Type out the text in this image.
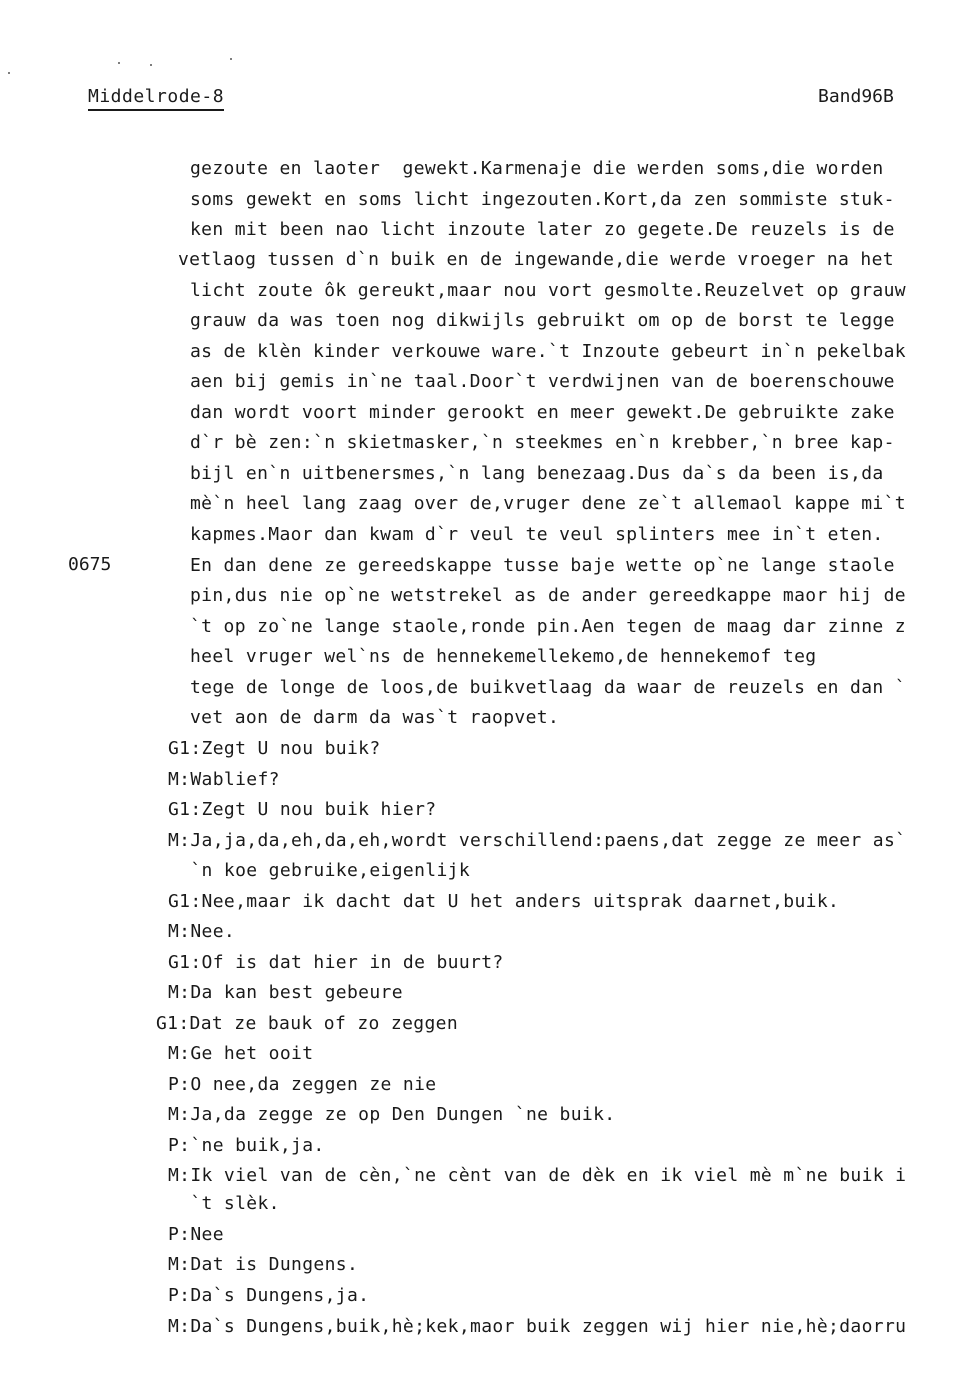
Middelrode-8	Band96B
0675
gezoute en laoter  gewekt.Karmenaje die werden soms,die worden
soms gewekt en soms licht ingezouten.Kort,da zen sommiste stuk-
ken mit been nao licht inzoute later zo gegete.De reuzels is de
vetlaog tussen d`n buik en de ingewande,die werde vroeger na het
licht zoute ôk gereukt,maar nou vort gesmolte.Reuzelvet op grauw
grauw da was toen nog dikwijls gebruikt om op de borst te legge
as de klèn kinder verkouwe ware.`t Inzoute gebeurt in`n pekelbak
aen bij gemis in`ne taal.Door`t verdwijnen van de boerenschouwe
dan wordt voort minder gerookt en meer gewekt.De gebruikte zake
d`r bè zen:`n skietmasker,`n steekmes en`n krebber,`n bree kap-
bijl en`n uitbenersmes,`n lang benezaag.Dus da`s da been is,da
mè`n heel lang zaag over de,vruger dene ze`t allemaol kappe mi`t
kapmes.Maor dan kwam d`r veul te veul splinters mee in`t eten.
En dan dene ze gereedskappe tusse baje wette op`ne lange staole
pin,dus nie op`ne wetstrekel as de ander gereedkappe maor hij de
`t op zo`ne lange staole,ronde pin.Aen tegen de maag dar zinne z
heel vruger wel`ns de hennekemellekemo,de hennekemof teg
tege de longe de loos,de buikvetlaag da waar de reuzels en dan `
vet aon de darm da was`t raopvet.
G1:Zegt U nou buik?
M:Wablief?
G1:Zegt U nou buik hier?
M:Ja,ja,da,eh,da,eh,wordt verschillend:paens,dat zegge ze meer as`
`n koe gebruike,eigenlijk
G1:Nee,maar ik dacht dat U het anders uitsprak daarnet,buik.
M:Nee.
G1:Of is dat hier in de buurt?
M:Da kan best gebeure
G1:Dat ze bauk of zo zeggen
M:Ge het ooit
P:O nee,da zeggen ze nie
M:Ja,da zegge ze op Den Dungen `ne buik.
P:`ne buik,ja.
M:Ik viel van de cèn,`ne cènt van de dèk en ik viel mè m`ne buik i
`t slèk.
P:Nee
M:Dat is Dungens.
P:Da`s Dungens,ja.
M:Da`s Dungens,buik,hè;kek,maor buik zeggen wij hier nie,hè;daorru
